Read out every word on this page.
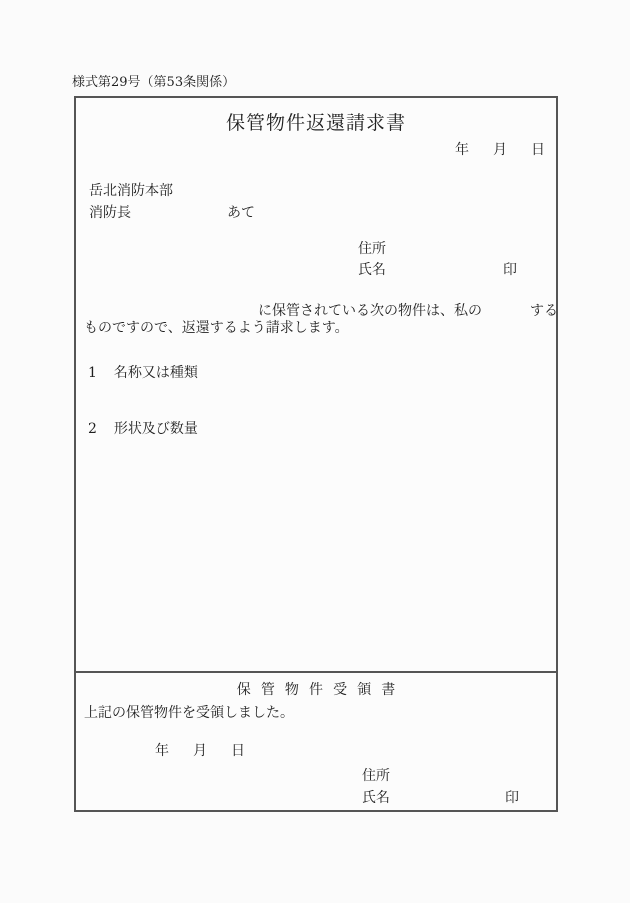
様式第29号（第53条関係）
保管物件返還請求書
年 月 日
岳北消防本部
消防長	あて
住所
氏名	印
に保管されている次の物件は、私の	する
ものですので、返還するよう請求します。
1 名称又は種類
2 形状及び数量
保管物件受領書
上記の保管物件を受領しました。
年 月 日
住所
氏名	印
